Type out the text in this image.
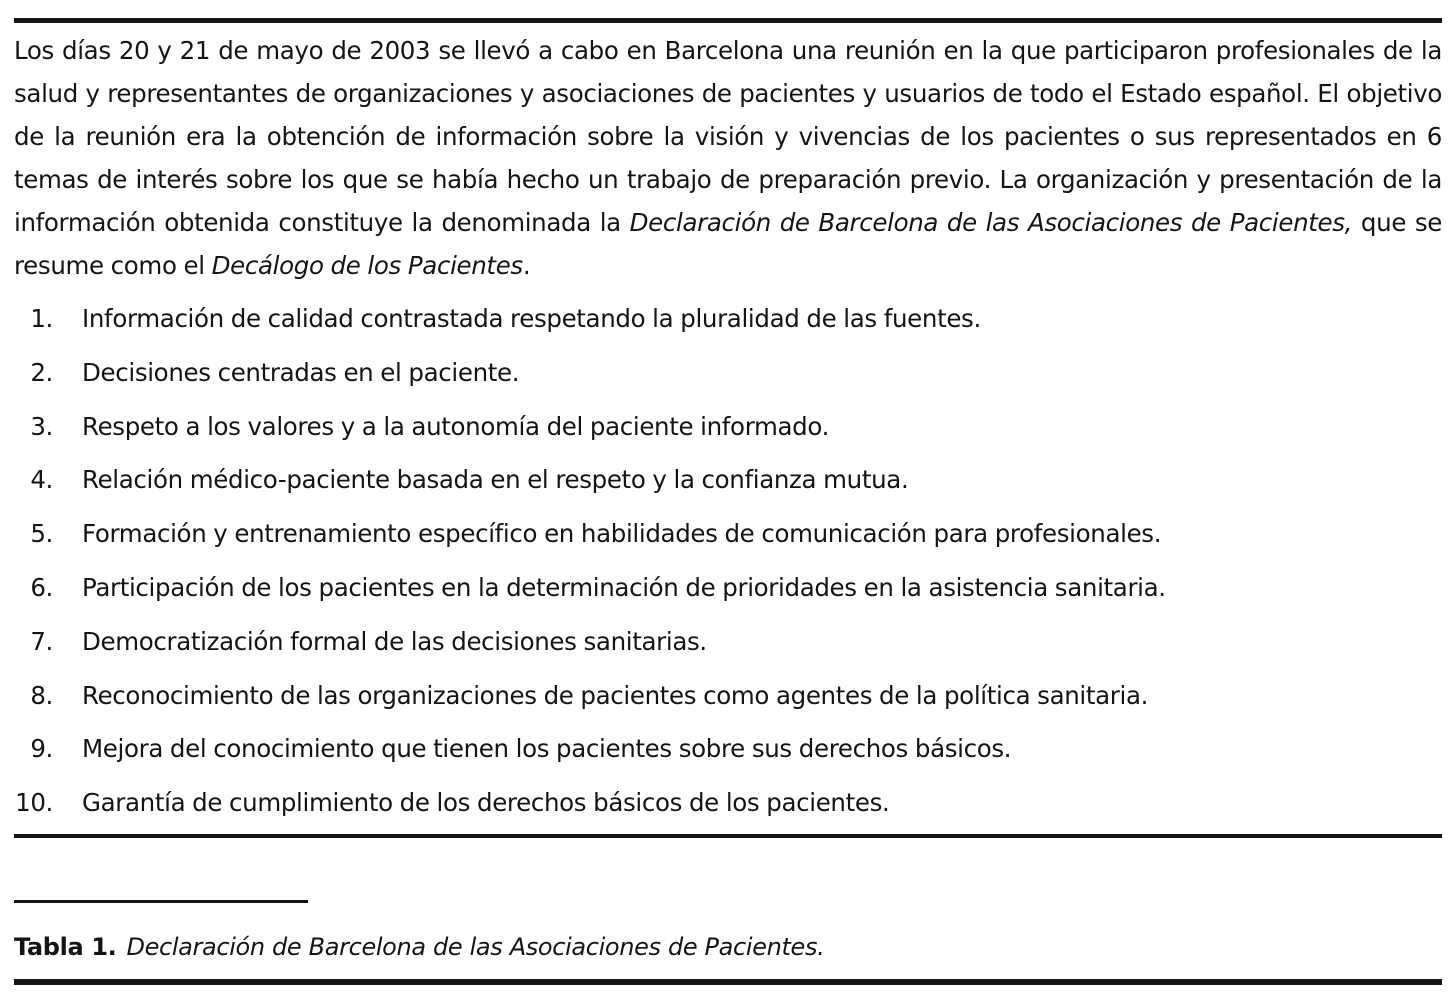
Los días 20 y 21 de mayo de 2003 se llevó a cabo en Barcelona una reunión en la que participaron profesionales de la salud y representantes de organizaciones y asociaciones de pacientes y usuarios de todo el Estado español. El objetivo de la reunión era la obtención de información sobre la visión y vivencias de los pacientes o sus representados en 6 temas de interés sobre los que se había hecho un trabajo de preparación previo. La organización y presentación de la información obtenida constituye la denominada la Declaración de Barcelona de las Asociaciones de Pacientes, que se resume como el Decálogo de los Pacientes.

1. Información de calidad contrastada respetando la pluralidad de las fuentes.
2. Decisiones centradas en el paciente.
3. Respeto a los valores y a la autonomía del paciente informado.
4. Relación médico-paciente basada en el respeto y la confianza mutua.
5. Formación y entrenamiento específico en habilidades de comunicación para profesionales.
6. Participación de los pacientes en la determinación de prioridades en la asistencia sanitaria.
7. Democratización formal de las decisiones sanitarias.
8. Reconocimiento de las organizaciones de pacientes como agentes de la política sanitaria.
9. Mejora del conocimiento que tienen los pacientes sobre sus derechos básicos.
10. Garantía de cumplimiento de los derechos básicos de los pacientes.
Tabla 1. Declaración de Barcelona de las Asociaciones de Pacientes.
